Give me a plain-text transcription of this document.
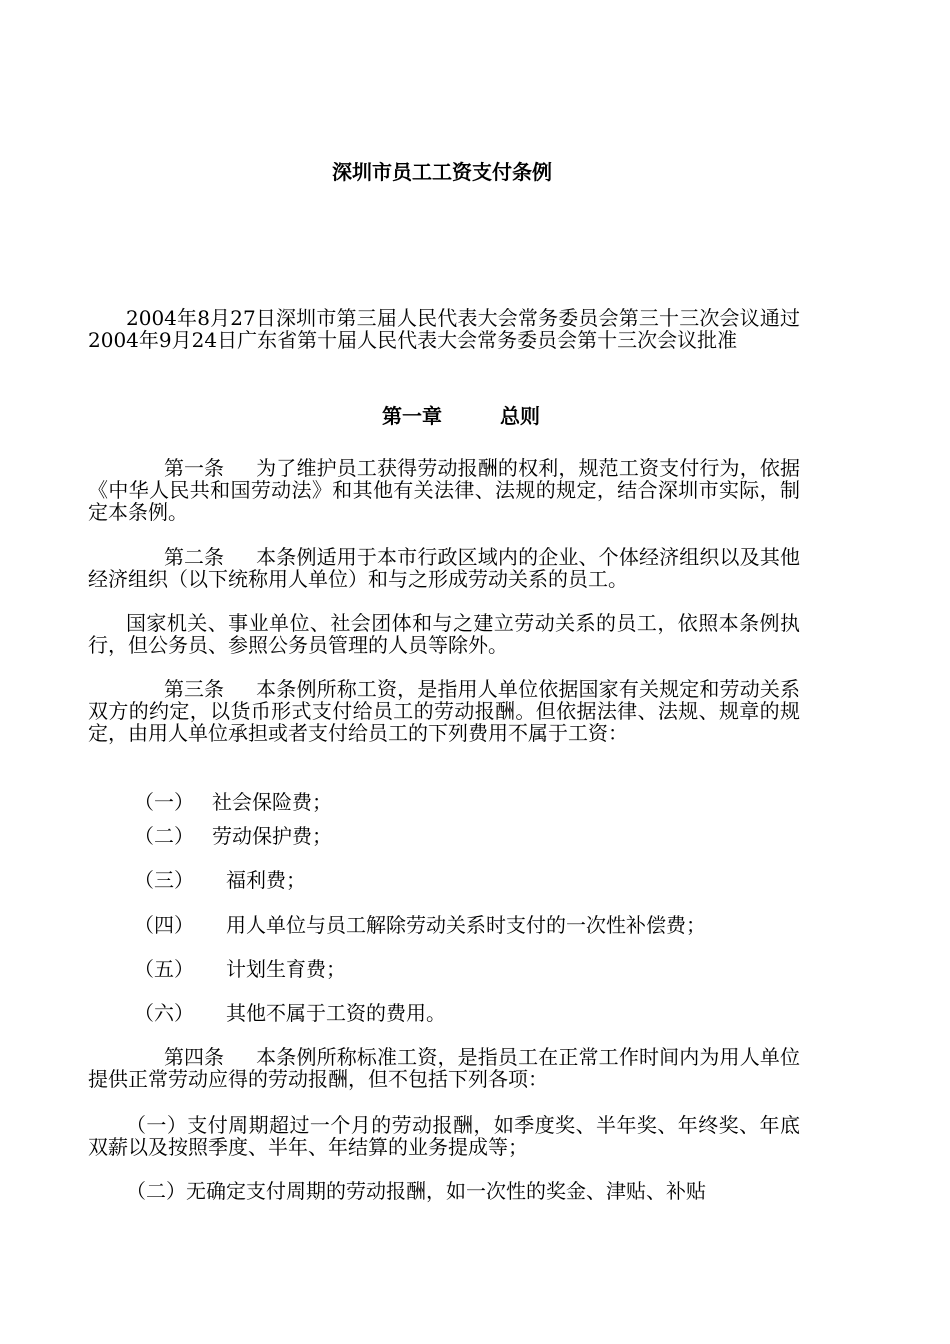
深圳市员工工资支付条例

2004年8月27日深圳市第三届人民代表大会常务委员会第三十三次会议通过2004年9月24日广东省第十届人民代表大会常务委员会第十三次会议批准

第一章	总则

第一条 为了维护员工获得劳动报酬的权利，规范工资支付行为，依据《中华人民共和国劳动法》和其他有关法律、法规的规定，结合深圳市实际，制定本条例。

第二条 本条例适用于本市行政区域内的企业、个体经济组织以及其他经济组织（以下统称用人单位）和与之形成劳动关系的员工。

国家机关、事业单位、社会团体和与之建立劳动关系的员工，依照本条例执行，但公务员、参照公务员管理的人员等除外。

第三条 本条例所称工资，是指用人单位依据国家有关规定和劳动关系双方的约定，以货币形式支付给员工的劳动报酬。但依据法律、法规、规章的规定，由用人单位承担或者支付给员工的下列费用不属于工资：

（一） 社会保险费；
（二） 劳动保护费；
（三） 福利费；
（四） 用人单位与员工解除劳动关系时支付的一次性补偿费；
（五） 计划生育费；
（六） 其他不属于工资的费用。

第四条 本条例所称标准工资，是指员工在正常工作时间内为用人单位提供正常劳动应得的劳动报酬，但不包括下列各项：

（一）支付周期超过一个月的劳动报酬，如季度奖、半年奖、年终奖、年底双薪以及按照季度、半年、年结算的业务提成等；

（二）无确定支付周期的劳动报酬，如一次性的奖金、津贴、补贴
